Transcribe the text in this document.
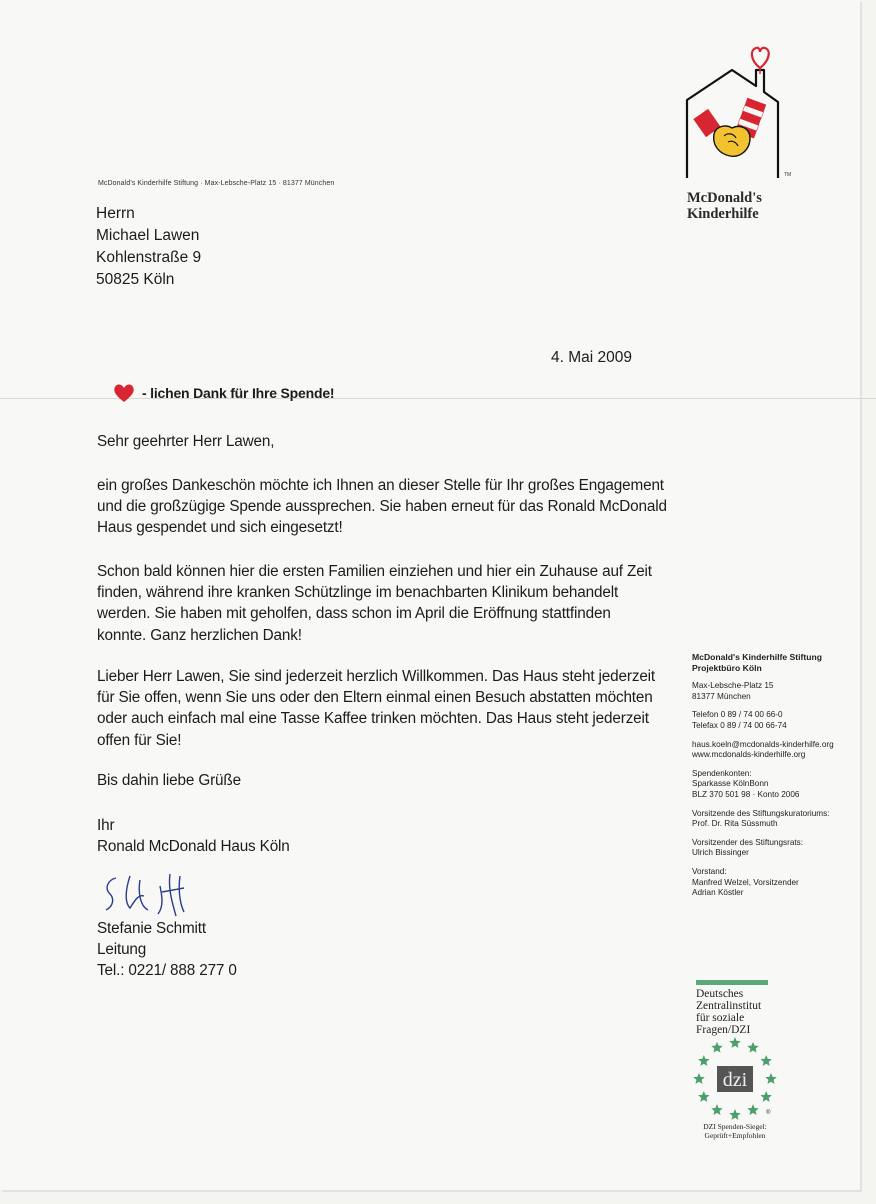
TM
McDonald's
Kinderhilfe
McDonald's Kinderhilfe Stiftung · Max-Lebsche-Platz 15 · 81377 München
Herrn
Michael Lawen
Kohlenstraße 9
50825 Köln
4. Mai 2009
- lichen Dank für Ihre Spende!

Sehr geehrter Herr Lawen,

ein großes Dankeschön möchte ich Ihnen an dieser Stelle für Ihr großes Engagement

und die großzügige Spende aussprechen. Sie haben erneut für das Ronald McDonald

Haus gespendet und sich eingesetzt!

Schon bald können hier die ersten Familien einziehen und hier ein Zuhause auf Zeit

finden, während ihre kranken Schützlinge im benachbarten Klinikum behandelt

werden. Sie haben mit geholfen, dass schon im April die Eröffnung stattfinden

konnte. Ganz herzlichen Dank!

Lieber Herr Lawen, Sie sind jederzeit herzlich Willkommen. Das Haus steht jederzeit

für Sie offen, wenn Sie uns oder den Eltern einmal einen Besuch abstatten möchten

oder auch einfach mal eine Tasse Kaffee trinken möchten. Das Haus steht jederzeit

offen für Sie!

Bis dahin liebe Grüße

Ihr

Ronald McDonald Haus Köln

Stefanie Schmitt

Leitung

Tel.: 0221/ 888 277 0

McDonald's Kinderhilfe Stiftung
Projektbüro Köln
Max-Lebsche-Platz 15
81377 München
Telefon 0 89 / 74 00 66-0
Telefax 0 89 / 74 00 66-74
haus.koeln@mcdonalds-kinderhilfe.org
www.mcdonalds-kinderhilfe.org
Spendenkonten:
Sparkasse KölnBonn
BLZ 370 501 98 · Konto 2006
Vorsitzende des Stiftungskuratoriums:
Prof. Dr. Rita Süssmuth
Vorsitzender des Stiftungsrats:
Ulrich Bissinger
Vorstand:
Manfred Welzel, Vorsitzender
Adrian Köstler
Deutsches
Zentralinstitut
für soziale
Fragen/DZI
dzi
®
DZI Spenden-Siegel:
Geprüft+Empfohlen
